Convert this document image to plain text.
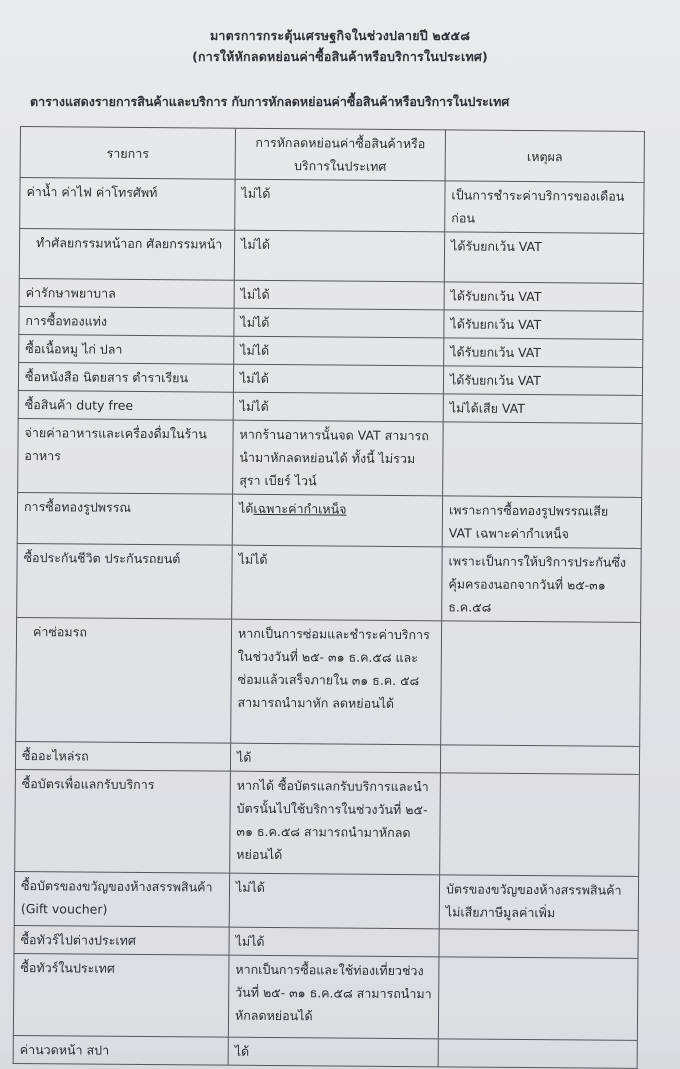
มาตรการกระตุ้นเศรษฐกิจในช่วงปลายปี ๒๕๕๘
(การให้หักลดหย่อนค่าซื้อสินค้าหรือบริการในประเทศ)
ตารางแสดงรายการสินค้าและบริการ กับการหักลดหย่อนค่าซื้อสินค้าหรือบริการในประเทศ
รายการ	การหักลดหย่อนค่าซื้อสินค้าหรือบริการในประเทศ	เหตุผล
ค่าน้ำ ค่าไฟ ค่าโทรศัพท์	ไม่ได้	เป็นการชำระค่าบริการของเดือนก่อน
ทำศัลยกรรมหน้าอก ศัลยกรรมหน้า	ไม่ได้	ได้รับยกเว้น VAT
ค่ารักษาพยาบาล	ไม่ได้	ได้รับยกเว้น VAT
การซื้อทองแท่ง	ไม่ได้	ได้รับยกเว้น VAT
ซื้อเนื้อหมู ไก่ ปลา	ไม่ได้	ได้รับยกเว้น VAT
ซื้อหนังสือ นิตยสาร ตำราเรียน	ไม่ได้	ได้รับยกเว้น VAT
ซื้อสินค้า duty free	ไม่ได้	ไม่ได้เสีย VAT
จ่ายค่าอาหารและเครื่องดื่มในร้านอาหาร	หากร้านอาหารนั้นจด VAT สามารถนำมาหักลดหย่อนได้ ทั้งนี้ ไม่รวมสุรา เบียร์ ไวน์	
การซื้อทองรูปพรรณ	ได้เฉพาะค่ากำเหน็จ	เพราะการซื้อทองรูปพรรณเสีย VAT เฉพาะค่ากำเหน็จ
ซื้อประกันชีวิต ประกันรถยนต์	ไม่ได้	เพราะเป็นการให้บริการประกันซึ่งคุ้มครองนอกจากวันที่ ๒๕-๓๑ ธ.ค.๕๘
ค่าซ่อมรถ	หากเป็นการซ่อมและชำระค่าบริการ ในช่วงวันที่ ๒๕- ๓๑ ธ.ค.๕๘ และซ่อมแล้วเสร็จภายใน ๓๑ ธ.ค. ๕๘ สามารถนำมาหัก ลดหย่อนได้	
ซื้ออะไหล่รถ	ได้	
ซื้อบัตรเพื่อแลกรับบริการ	หากได้ ซื้อบัตรแลกรับบริการและนำบัตรนั้นไปใช้บริการในช่วงวันที่ ๒๕- ๓๑ ธ.ค.๕๘ สามารถนำมาหักลดหย่อนได้	
ซื้อบัตรของขวัญของห้างสรรพสินค้า (Gift voucher)	ไม่ได้	บัตรของขวัญของห้างสรรพสินค้าไม่เสียภาษีมูลค่าเพิ่ม
ซื้อทัวร์ไปต่างประเทศ	ไม่ได้	
ซื้อทัวร์ในประเทศ	หากเป็นการซื้อและใช้ท่องเที่ยวช่วงวันที่ ๒๕- ๓๑ ธ.ค.๕๘ สามารถนำมาหักลดหย่อนได้	
ค่านวดหน้า สปา	ได้	
